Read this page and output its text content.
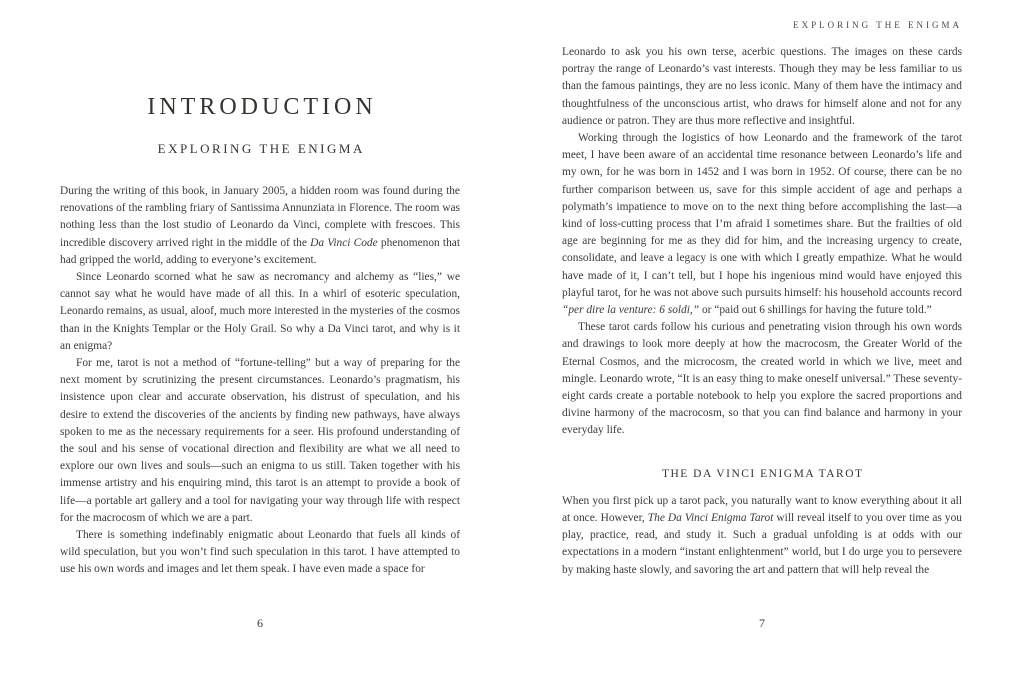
INTRODUCTION
EXPLORING THE ENIGMA

During the writing of this book, in January 2005, a hidden room was found during the renovations of the rambling friary of Santissima Annunziata in Florence. The room was nothing less than the lost studio of Leonardo da Vinci, complete with frescoes. This incredible discovery arrived right in the middle of the Da Vinci Code phenomenon that had gripped the world, adding to everyone’s excitement.

Since Leonardo scorned what he saw as necromancy and alchemy as “lies,” we cannot say what he would have made of all this. In a whirl of esoteric speculation, Leonardo remains, as usual, aloof, much more interested in the mysteries of the cosmos than in the Knights Templar or the Holy Grail. So why a Da Vinci tarot, and why is it an enigma?

For me, tarot is not a method of “fortune-telling” but a way of preparing for the next moment by scrutinizing the present circumstances. Leonardo’s pragmatism, his insistence upon clear and accurate observation, his distrust of speculation, and his desire to extend the discoveries of the ancients by finding new pathways, have always spoken to me as the necessary requirements for a seer. His profound understanding of the soul and his sense of vocational direction and flexibility are what we all need to explore our own lives and souls—such an enigma to us still. Taken together with his immense artistry and his enquiring mind, this tarot is an attempt to provide a book of life—a portable art gallery and a tool for navigating your way through life with respect for the macrocosm of which we are a part.

There is something indefinably enigmatic about Leonardo that fuels all kinds of wild speculation, but you won’t find such speculation in this tarot. I have attempted to use his own words and images and let them speak. I have even made a space for

6
EXPLORING THE ENIGMA

Leonardo to ask you his own terse, acerbic questions. The images on these cards portray the range of Leonardo’s vast interests. Though they may be less familiar to us than the famous paintings, they are no less iconic. Many of them have the intimacy and thoughtfulness of the unconscious artist, who draws for himself alone and not for any audience or patron. They are thus more reflective and insightful.

Working through the logistics of how Leonardo and the framework of the tarot meet, I have been aware of an accidental time resonance between Leonardo’s life and my own, for he was born in 1452 and I was born in 1952. Of course, there can be no further comparison between us, save for this simple accident of age and perhaps a polymath’s impatience to move on to the next thing before accomplishing the last—a kind of loss-cutting process that I’m afraid I sometimes share. But the frailties of old age are beginning for me as they did for him, and the increasing urgency to create, consolidate, and leave a legacy is one with which I greatly empathize. What he would have made of it, I can’t tell, but I hope his ingenious mind would have enjoyed this playful tarot, for he was not above such pursuits himself: his household accounts record “per dire la venture: 6 soldi,” or “paid out 6 shillings for having the future told.”

These tarot cards follow his curious and penetrating vision through his own words and drawings to look more deeply at how the macrocosm, the Greater World of the Eternal Cosmos, and the microcosm, the created world in which we live, meet and mingle. Leonardo wrote, “It is an easy thing to make oneself universal.” These seventy-eight cards create a portable notebook to help you explore the sacred proportions and divine harmony of the macrocosm, so that you can find balance and harmony in your everyday life.

THE DA VINCI ENIGMA TAROT

When you first pick up a tarot pack, you naturally want to know everything about it all at once. However, The Da Vinci Enigma Tarot will reveal itself to you over time as you play, practice, read, and study it. Such a gradual unfolding is at odds with our expectations in a modern “instant enlightenment” world, but I do urge you to persevere by making haste slowly, and savoring the art and pattern that will help reveal the

7
